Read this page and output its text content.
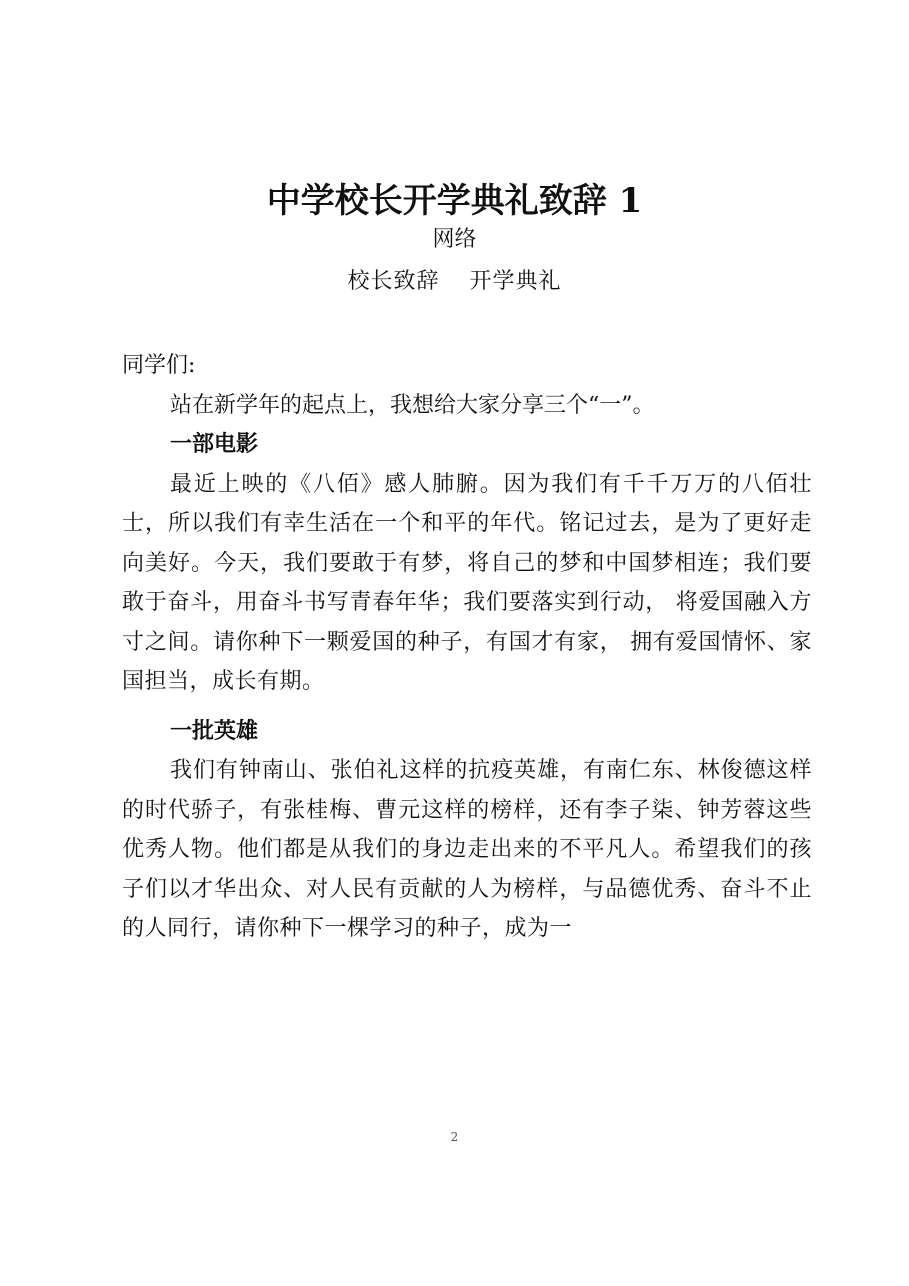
中学校长开学典礼致辞 1
网络
校长致辞 开学典礼

同学们:

站在新学年的起点上，我想给大家分享三个“一”。

一部电影

最近上映的《八佰》感人肺腑。因为我们有千千万万的八佰壮士，所以我们有幸生活在一个和平的年代。铭记过去，是为了更好走向美好。今天，我们要敢于有梦，将自己的梦和中国梦相连；我们要敢于奋斗，用奋斗书写青春年华；我们要落实到行动， 将爱国融入方寸之间。请你种下一颗爱国的种子，有国才有家， 拥有爱国情怀、家国担当，成长有期。

一批英雄

我们有钟南山、张伯礼这样的抗疫英雄，有南仁东、林俊德这样的时代骄子，有张桂梅、曹元这样的榜样，还有李子柒、钟芳蓉这些优秀人物。他们都是从我们的身边走出来的不平凡人。希望我们的孩子们以才华出众、对人民有贡献的人为榜样，与品德优秀、奋斗不止的人同行，请你种下一棵学习的种子，成为一

2
